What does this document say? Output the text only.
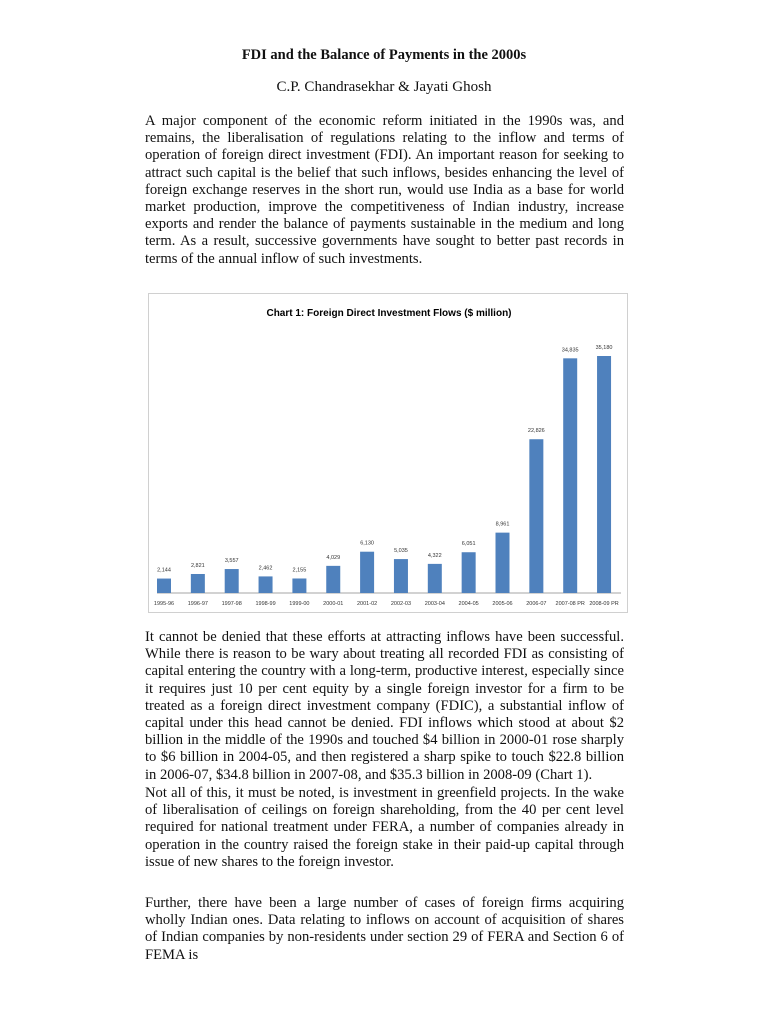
FDI and the Balance of Payments in the 2000s
C.P. Chandrasekhar & Jayati Ghosh

A major component of the economic reform initiated in the 1990s was, and remains, the liberalisation of regulations relating to the inflow and terms of operation of foreign direct investment (FDI). An important reason for seeking to attract such capital is the belief that such inflows, besides enhancing the level of foreign exchange reserves in the short run, would use India as a base for world market production, improve the competitiveness of Indian industry, increase exports and render the balance of payments sustainable in the medium and long term. As a result, successive governments have sought to better past records in terms of the annual inflow of such investments.

Chart 1: Foreign Direct Investment Flows ($ million)
2,144
1995-96
2,821
1996-97
3,557
1997-98
2,462
1998-99
2,155
1999-00
4,029
2000-01
6,130
2001-02
5,035
2002-03
4,322
2003-04
6,051
2004-05
8,961
2005-06
22,826
2006-07
34,835
2007-08 PR
35,180
2008-09 PR

It cannot be denied that these efforts at attracting inflows have been successful. While there is reason to be wary about treating all recorded FDI as consisting of capital entering the country with a long-term, productive interest, especially since it requires just 10 per cent equity by a single foreign investor for a firm to be treated as a foreign direct investment company (FDIC), a substantial inflow of capital under this head cannot be denied. FDI inflows which stood at about $2 billion in the middle of the 1990s and touched $4 billion in 2000-01 rose sharply to $6 billion in 2004-05, and then registered a sharp spike to touch $22.8 billion in 2006-07, $34.8 billion in 2007-08, and $35.3 billion in 2008-09 (Chart 1).

Not all of this, it must be noted, is investment in greenfield projects. In the wake of liberalisation of ceilings on foreign shareholding, from the 40 per cent level required for national treatment under FERA, a number of companies already in operation in the country raised the foreign stake in their paid-up capital through issue of new shares to the foreign investor.

Further, there have been a large number of cases of foreign firms acquiring wholly Indian ones. Data relating to inflows on account of acquisition of shares of Indian companies by non-residents under section 29 of FERA and Section 6 of FEMA is
